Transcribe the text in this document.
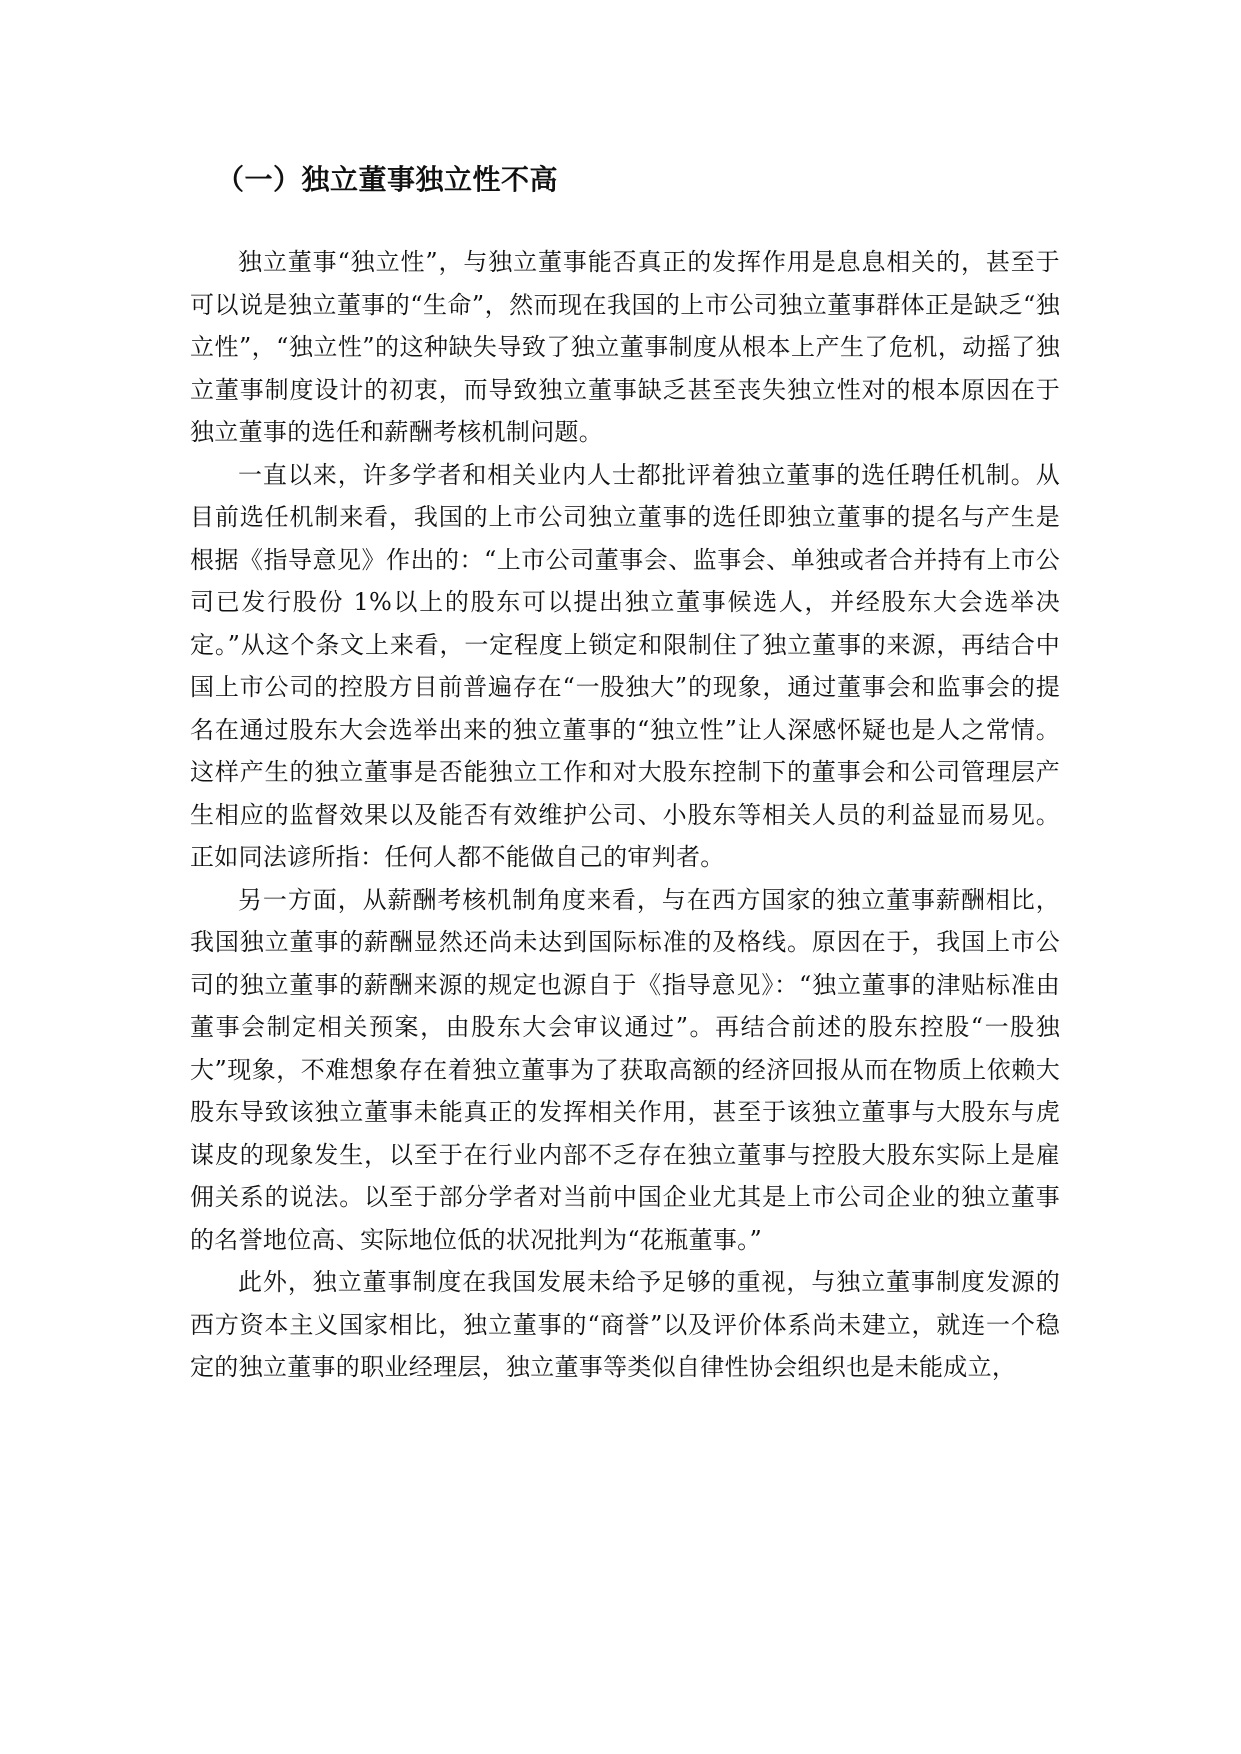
（一）独立董事独立性不高

独立董事“独立性”，与独立董事能否真正的发挥作用是息息相关的，甚至于可以说是独立董事的“生命”，然而现在我国的上市公司独立董事群体正是缺乏“独立性”，“独立性”的这种缺失导致了独立董事制度从根本上产生了危机，动摇了独立董事制度设计的初衷，而导致独立董事缺乏甚至丧失独立性对的根本原因在于独立董事的选任和薪酬考核机制问题。

一直以来，许多学者和相关业内人士都批评着独立董事的选任聘任机制。从目前选任机制来看，我国的上市公司独立董事的选任即独立董事的提名与产生是根据《指导意见》作出的：“上市公司董事会、监事会、单独或者合并持有上市公司已发行股份 1%以上的股东可以提出独立董事候选人，并经股东大会选举决定。”从这个条文上来看，一定程度上锁定和限制住了独立董事的来源，再结合中国上市公司的控股方目前普遍存在“一股独大”的现象，通过董事会和监事会的提名在通过股东大会选举出来的独立董事的“独立性”让人深感怀疑也是人之常情。这样产生的独立董事是否能独立工作和对大股东控制下的董事会和公司管理层产生相应的监督效果以及能否有效维护公司、小股东等相关人员的利益显而易见。正如同法谚所指：任何人都不能做自己的审判者。

另一方面，从薪酬考核机制角度来看，与在西方国家的独立董事薪酬相比，我国独立董事的薪酬显然还尚未达到国际标准的及格线。原因在于，我国上市公司的独立董事的薪酬来源的规定也源自于《指导意见》：“独立董事的津贴标准由董事会制定相关预案，由股东大会审议通过”。再结合前述的股东控股“一股独大”现象，不难想象存在着独立董事为了获取高额的经济回报从而在物质上依赖大股东导致该独立董事未能真正的发挥相关作用，甚至于该独立董事与大股东与虎谋皮的现象发生，以至于在行业内部不乏存在独立董事与控股大股东实际上是雇佣关系的说法。以至于部分学者对当前中国企业尤其是上市公司企业的独立董事的名誉地位高、实际地位低的状况批判为“花瓶董事。”

此外，独立董事制度在我国发展未给予足够的重视，与独立董事制度发源的西方资本主义国家相比，独立董事的“商誉”以及评价体系尚未建立，就连一个稳定的独立董事的职业经理层，独立董事等类似自律性协会组织也是未能成立，
